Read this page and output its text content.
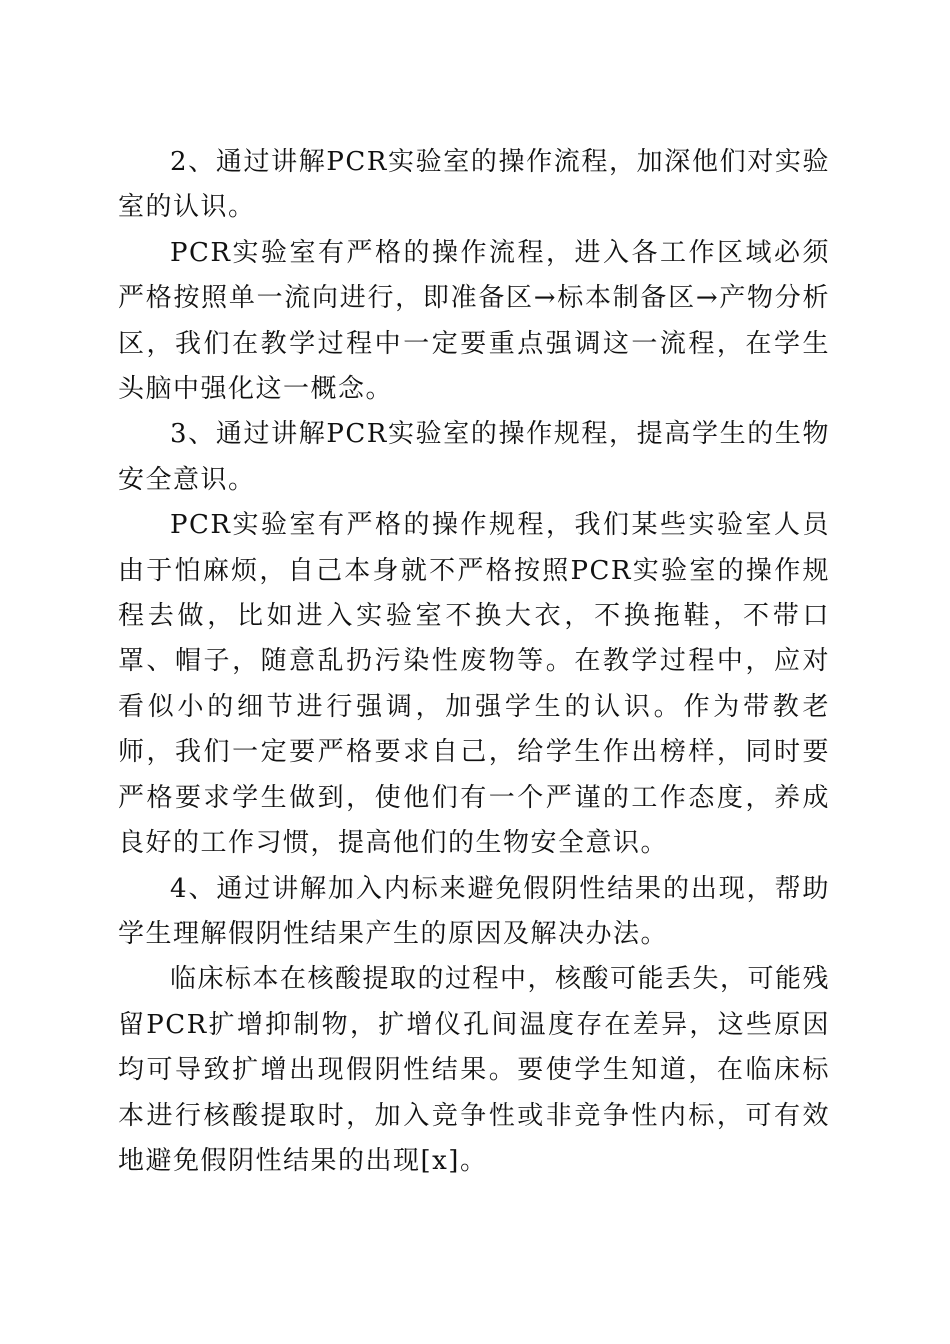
2、通过讲解PCR实验室的操作流程，加深他们对实验室的认识。

PCR实验室有严格的操作流程，进入各工作区域必须严格按照单一流向进行，即准备区→标本制备区→产物分析区，我们在教学过程中一定要重点强调这一流程，在学生头脑中强化这一概念。

3、通过讲解PCR实验室的操作规程，提高学生的生物安全意识。

PCR实验室有严格的操作规程，我们某些实验室人员由于怕麻烦，自己本身就不严格按照PCR实验室的操作规程去做，比如进入实验室不换大衣，不换拖鞋，不带口罩、帽子，随意乱扔污染性废物等。在教学过程中，应对看似小的细节进行强调，加强学生的认识。作为带教老师，我们一定要严格要求自己，给学生作出榜样，同时要严格要求学生做到，使他们有一个严谨的工作态度，养成良好的工作习惯，提高他们的生物安全意识。

4、通过讲解加入内标来避免假阴性结果的出现，帮助学生理解假阴性结果产生的原因及解决办法。

临床标本在核酸提取的过程中，核酸可能丢失，可能残留PCR扩增抑制物，扩增仪孔间温度存在差异，这些原因均可导致扩增出现假阴性结果。要使学生知道，在临床标本进行核酸提取时，加入竞争性或非竞争性内标，可有效地避免假阴性结果的出现[x]。
